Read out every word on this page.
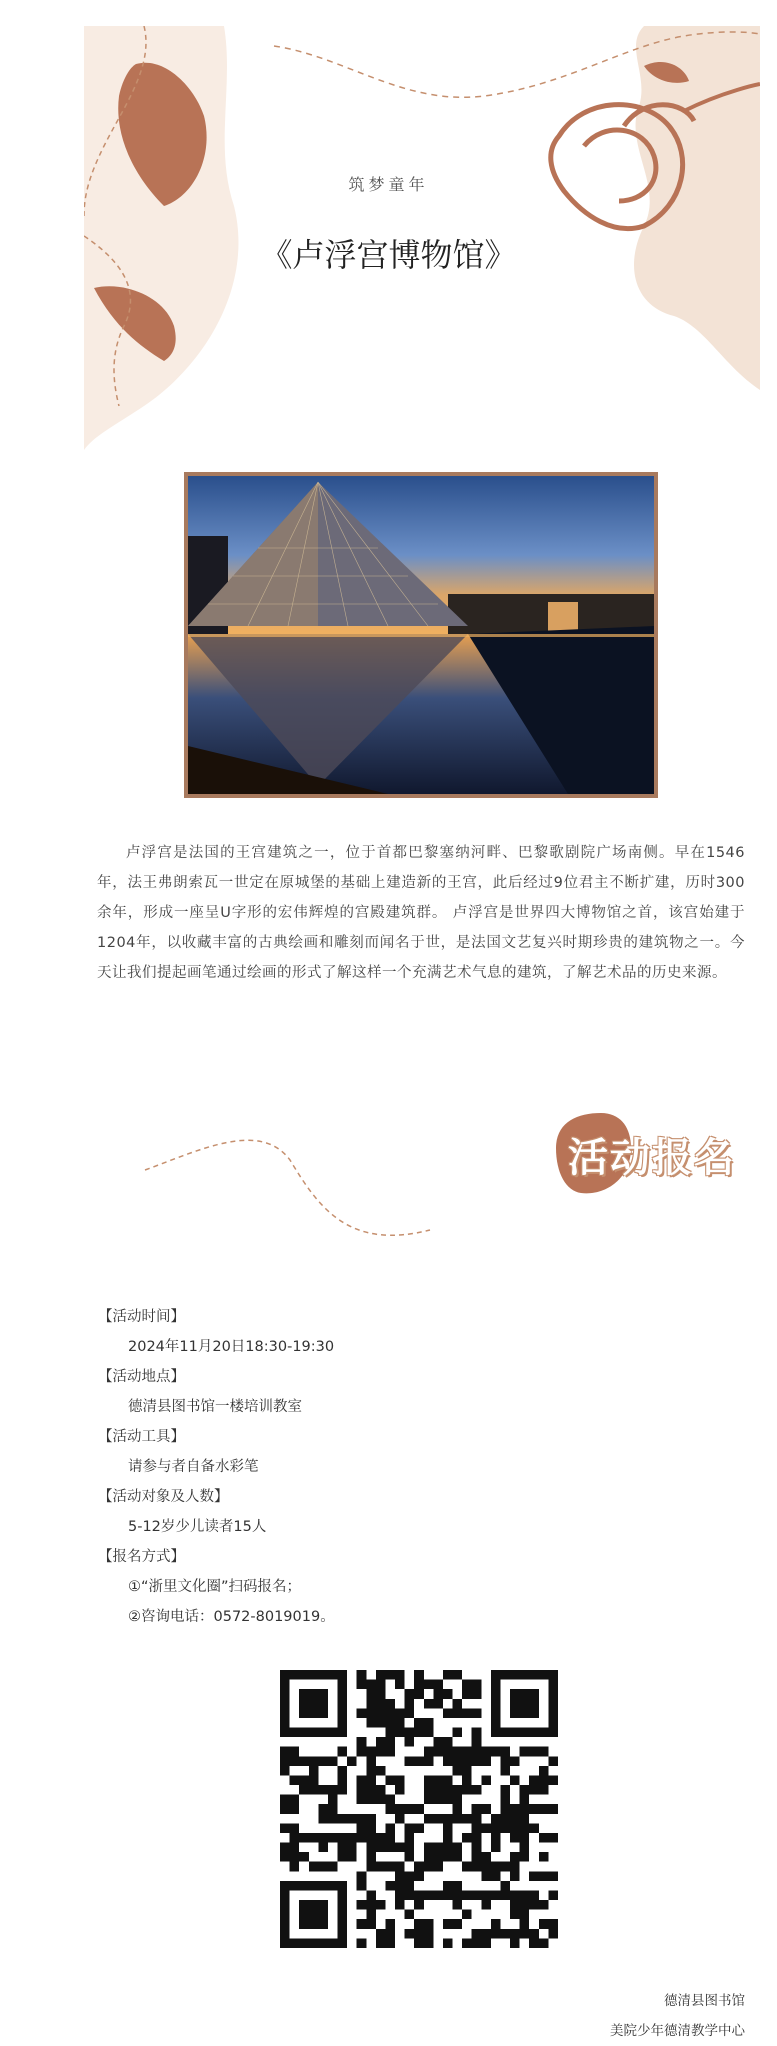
筑梦童年
《卢浮宫博物馆》
卢浮宫是法国的王宫建筑之一，位于首都巴黎塞纳河畔、巴黎歌剧院广场南侧。早在1546年，法王弗朗索瓦一世定在原城堡的基础上建造新的王宫，此后经过9位君主不断扩建，历时300余年，形成一座呈U字形的宏伟辉煌的宫殿建筑群。 卢浮宫是世界四大博物馆之首，该宫始建于1204年，以收藏丰富的古典绘画和雕刻而闻名于世，是法国文艺复兴时期珍贵的建筑物之一。今天让我们提起画笔通过绘画的形式了解这样一个充满艺术气息的建筑，了解艺术品的历史来源。
活动报名
【活动时间】
2024年11月20日18:30-19:30
【活动地点】
德清县图书馆一楼培训教室
【活动工具】
请参与者自备水彩笔
【活动对象及人数】
5-12岁少儿读者15人
【报名方式】
①“浙里文化圈”扫码报名；
②咨询电话：0572-8019019。
德清县图书馆
美院少年德清教学中心
